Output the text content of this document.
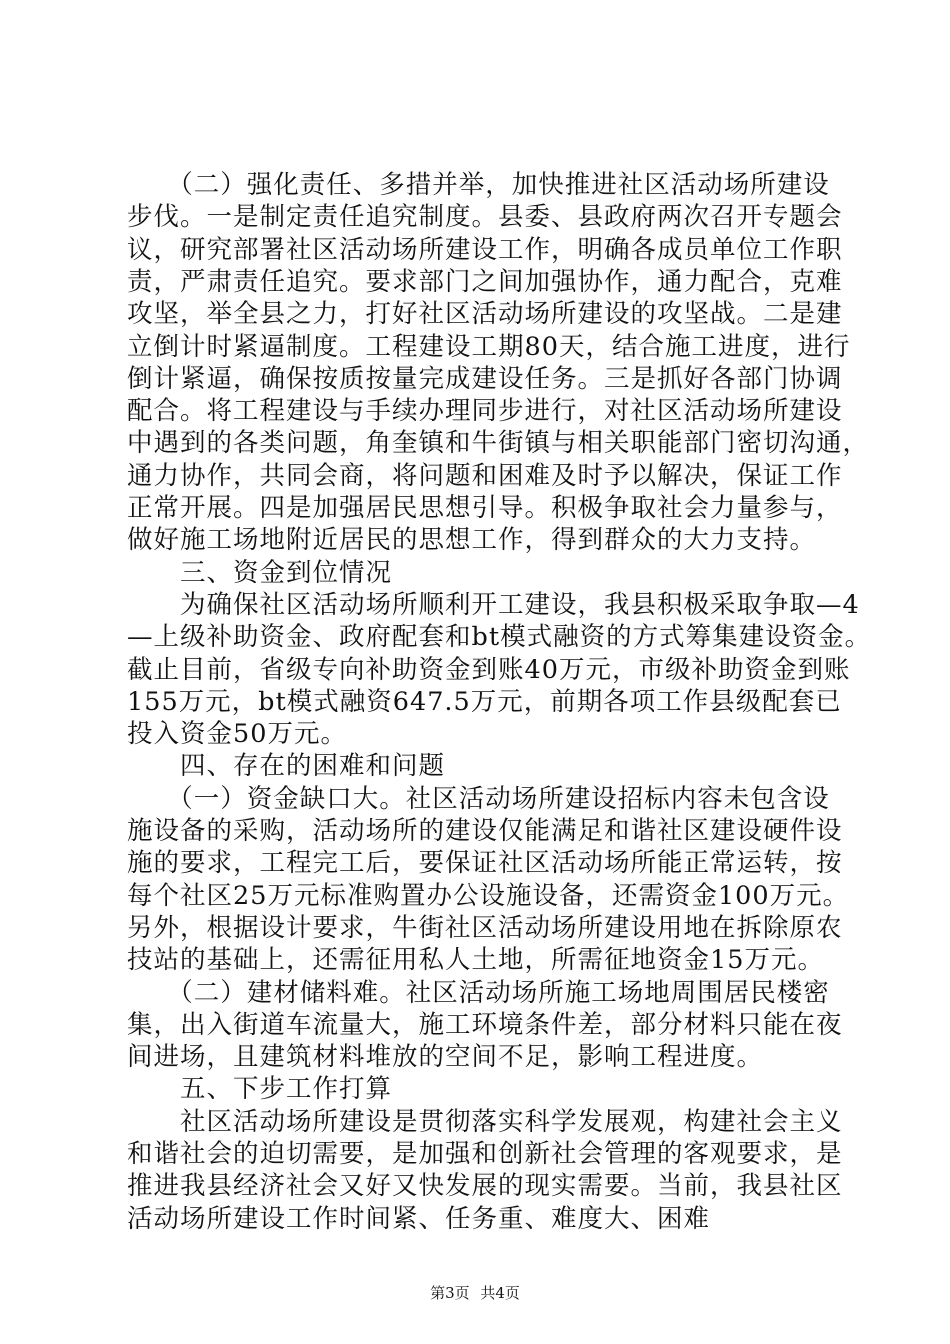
　　（二）强化责任、多措并举，加快推进社区活动场所建设
步伐。一是制定责任追究制度。县委、县政府两次召开专题会
议，研究部署社区活动场所建设工作，明确各成员单位工作职
责，严肃责任追究。要求部门之间加强协作，通力配合，克难
攻坚，举全县之力，打好社区活动场所建设的攻坚战。二是建
立倒计时紧逼制度。工程建设工期80天，结合施工进度，进行
倒计紧逼，确保按质按量完成建设任务。三是抓好各部门协调
配合。将工程建设与手续办理同步进行，对社区活动场所建设
中遇到的各类问题，角奎镇和牛街镇与相关职能部门密切沟通，
通力协作，共同会商，将问题和困难及时予以解决，保证工作
正常开展。四是加强居民思想引导。积极争取社会力量参与，
做好施工场地附近居民的思想工作，得到群众的大力支持。
　　三、资金到位情况
　　为确保社区活动场所顺利开工建设，我县积极采取争取—4
—上级补助资金、政府配套和bt模式融资的方式筹集建设资金。
截止目前，省级专向补助资金到账40万元，市级补助资金到账
155万元，bt模式融资647.5万元，前期各项工作县级配套已
投入资金50万元。
　　四、存在的困难和问题
　　（一）资金缺口大。社区活动场所建设招标内容未包含设
施设备的采购，活动场所的建设仅能满足和谐社区建设硬件设
施的要求，工程完工后，要保证社区活动场所能正常运转，按
每个社区25万元标准购置办公设施设备，还需资金100万元。
另外，根据设计要求，牛街社区活动场所建设用地在拆除原农
技站的基础上，还需征用私人土地，所需征地资金15万元。
　　（二）建材储料难。社区活动场所施工场地周围居民楼密
集，出入街道车流量大，施工环境条件差，部分材料只能在夜
间进场，且建筑材料堆放的空间不足，影响工程进度。
　　五、下步工作打算
　　社区活动场所建设是贯彻落实科学发展观，构建社会主义
和谐社会的迫切需要，是加强和创新社会管理的客观要求，是
推进我县经济社会又好又快发展的现实需要。当前，我县社区
活动场所建设工作时间紧、任务重、难度大、困难
第3页 共4页
